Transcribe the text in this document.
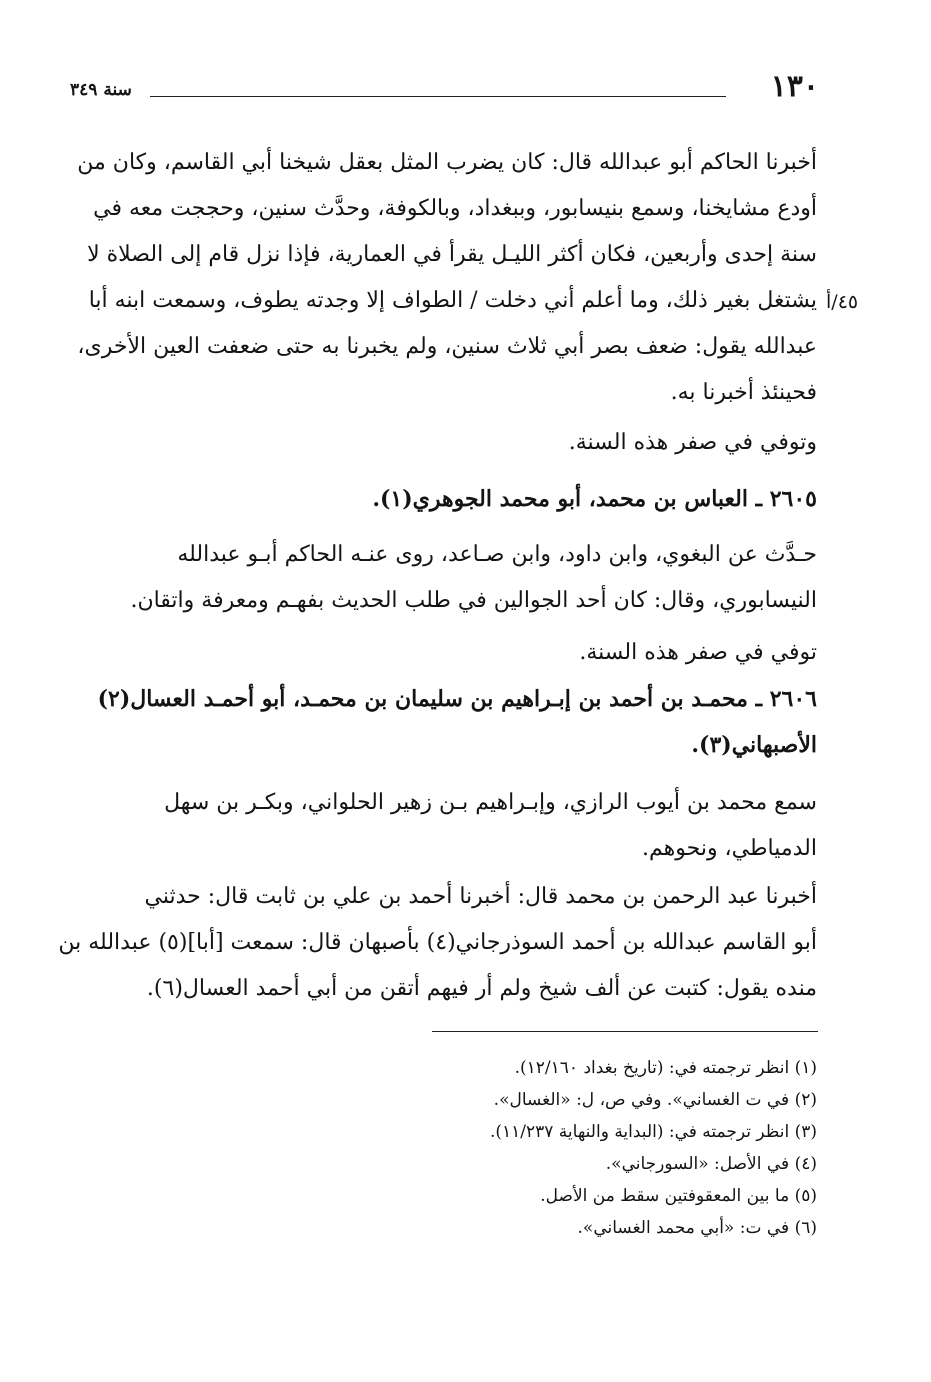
١٣٠
سنة ٣٤٩
٤٥/أ
أخبرنا الحاكم أبو عبدالله قال: كان يضرب المثل بعقل شيخنا أبي القاسم، وكان من
أودع مشايخنا، وسمع بنيسابور، وببغداد، وبالكوفة، وحدَّث سنين، وحججت معه في
سنة إحدى وأربعين، فكان أكثر الليـل يقرأ في العمارية، فإذا نزل قام إلى الصلاة لا
يشتغل بغير ذلك، وما أعلم أني دخلت / الطواف إلا وجدته يطوف، وسمعت ابنه أبا
عبدالله يقول: ضعف بصر أبي ثلاث سنين، ولم يخبرنا به حتى ضعفت العين الأخرى،
فحينئذ أخبرنا به.
وتوفي في صفر هذه السنة.
٢٦٠٥ ـ العباس بن محمد، أبو محمد الجوهري(١).
حـدَّث عن البغوي، وابن داود، وابن صـاعد، روى عنـه الحاكم أبـو عبدالله
النيسابوري، وقال: كان أحد الجوالين في طلب الحديث بفهـم ومعرفة واتقان.
توفي في صفر هذه السنة.
٢٦٠٦ ـ محمـد بن أحمد بن إبـراهيم بن سليمان بن محمـد، أبو أحمـد العسال(٢)
الأصبهاني(٣).
سمع محمد بن أيوب الرازي، وإبـراهيم بـن زهير الحلواني، وبكـر بن سهل
الدمياطي، ونحوهم.
أخبرنا عبد الرحمن بن محمد قال: أخبرنا أحمد بن علي بن ثابت قال: حدثني
أبو القاسم عبدالله بن أحمد السوذرجاني(٤) بأصبهان قال: سمعت [أبا](٥) عبدالله بن
منده يقول: كتبت عن ألف شيخ ولم أر فيهم أتقن من أبي أحمد العسال(٦).
(١) انظر ترجمته في: (تاريخ بغداد ١٢/١٦٠).
(٢) في ت الغساني». وفي ص، ل: «الغسال».
(٣) انظر ترجمته في: (البداية والنهاية ١١/٢٣٧).
(٤) في الأصل: «السورجاني».
(٥) ما بين المعقوفتين سقط من الأصل.
(٦) في ت: «أبي محمد الغساني».
